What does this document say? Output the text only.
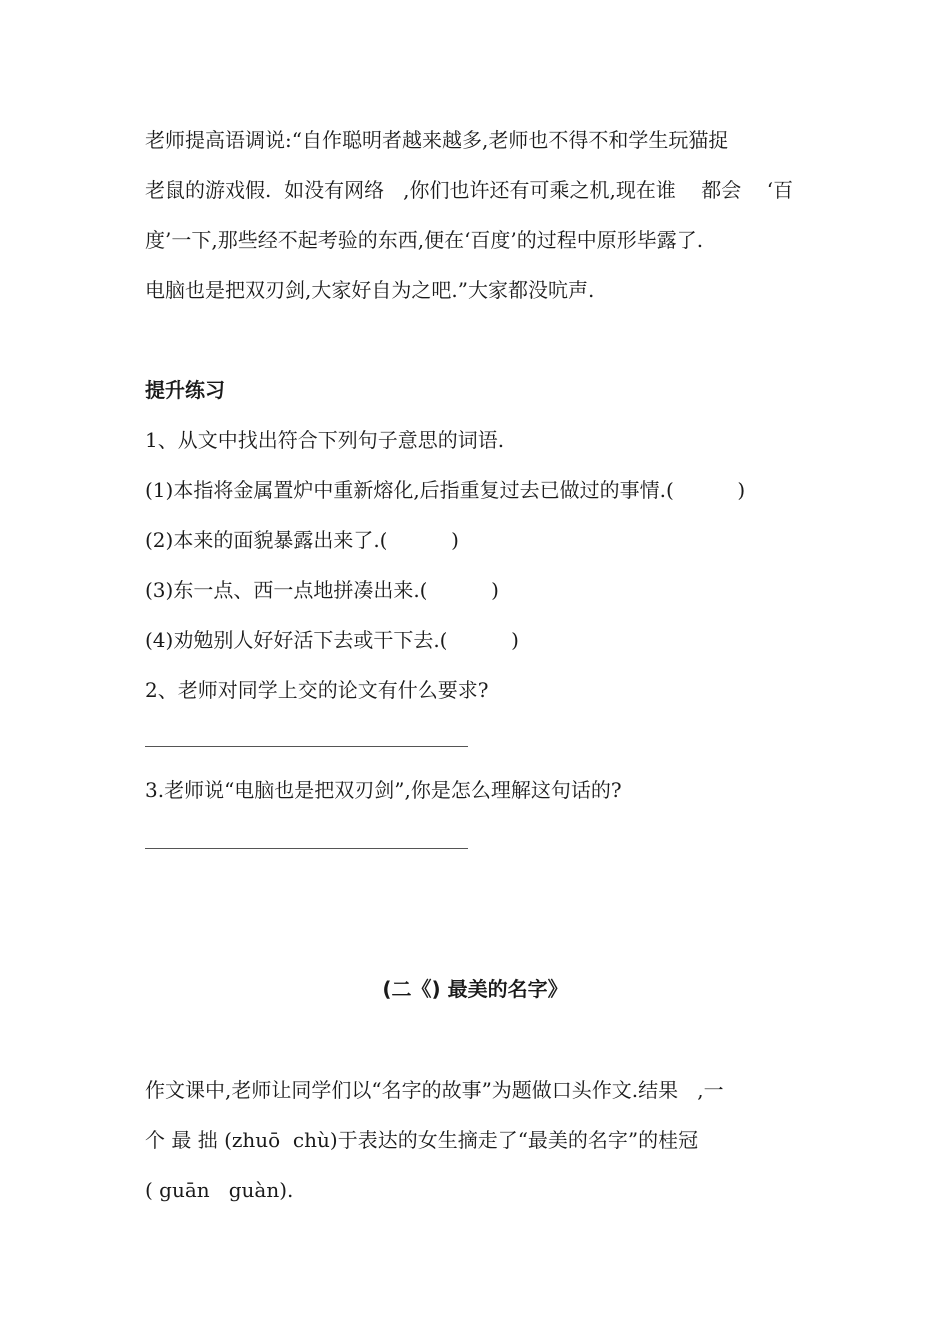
老师提高语调说:“自作聪明者越来越多,老师也不得不和学生玩猫捉
老鼠的游戏假.  如没有网络   ,你们也许还有可乘之机,现在谁    都会    ‘百
度’一下,那些经不起考验的东西,便在‘百度’的过程中原形毕露了.
电脑也是把双刃剑,大家好自为之吧.”大家都没吭声.
提升练习
1、从文中找出符合下列句子意思的词语.
(1)本指将金属置炉中重新熔化,后指重复过去已做过的事情.(          )
(2)本来的面貌暴露出来了.(          )
(3)东一点、西一点地拼凑出来.(          )
(4)劝勉别人好好活下去或干下去.(          )
2、老师对同学上交的论文有什么要求?
3.老师说“电脑也是把双刃剑”,你是怎么理解这句话的?
(二《) 最美的名字》
作文课中,老师让同学们以“名字的故事”为题做口头作文.结果   ,一
个 最 拙 (zhuō  chù)于表达的女生摘走了“最美的名字”的桂冠
( guān   guàn).
